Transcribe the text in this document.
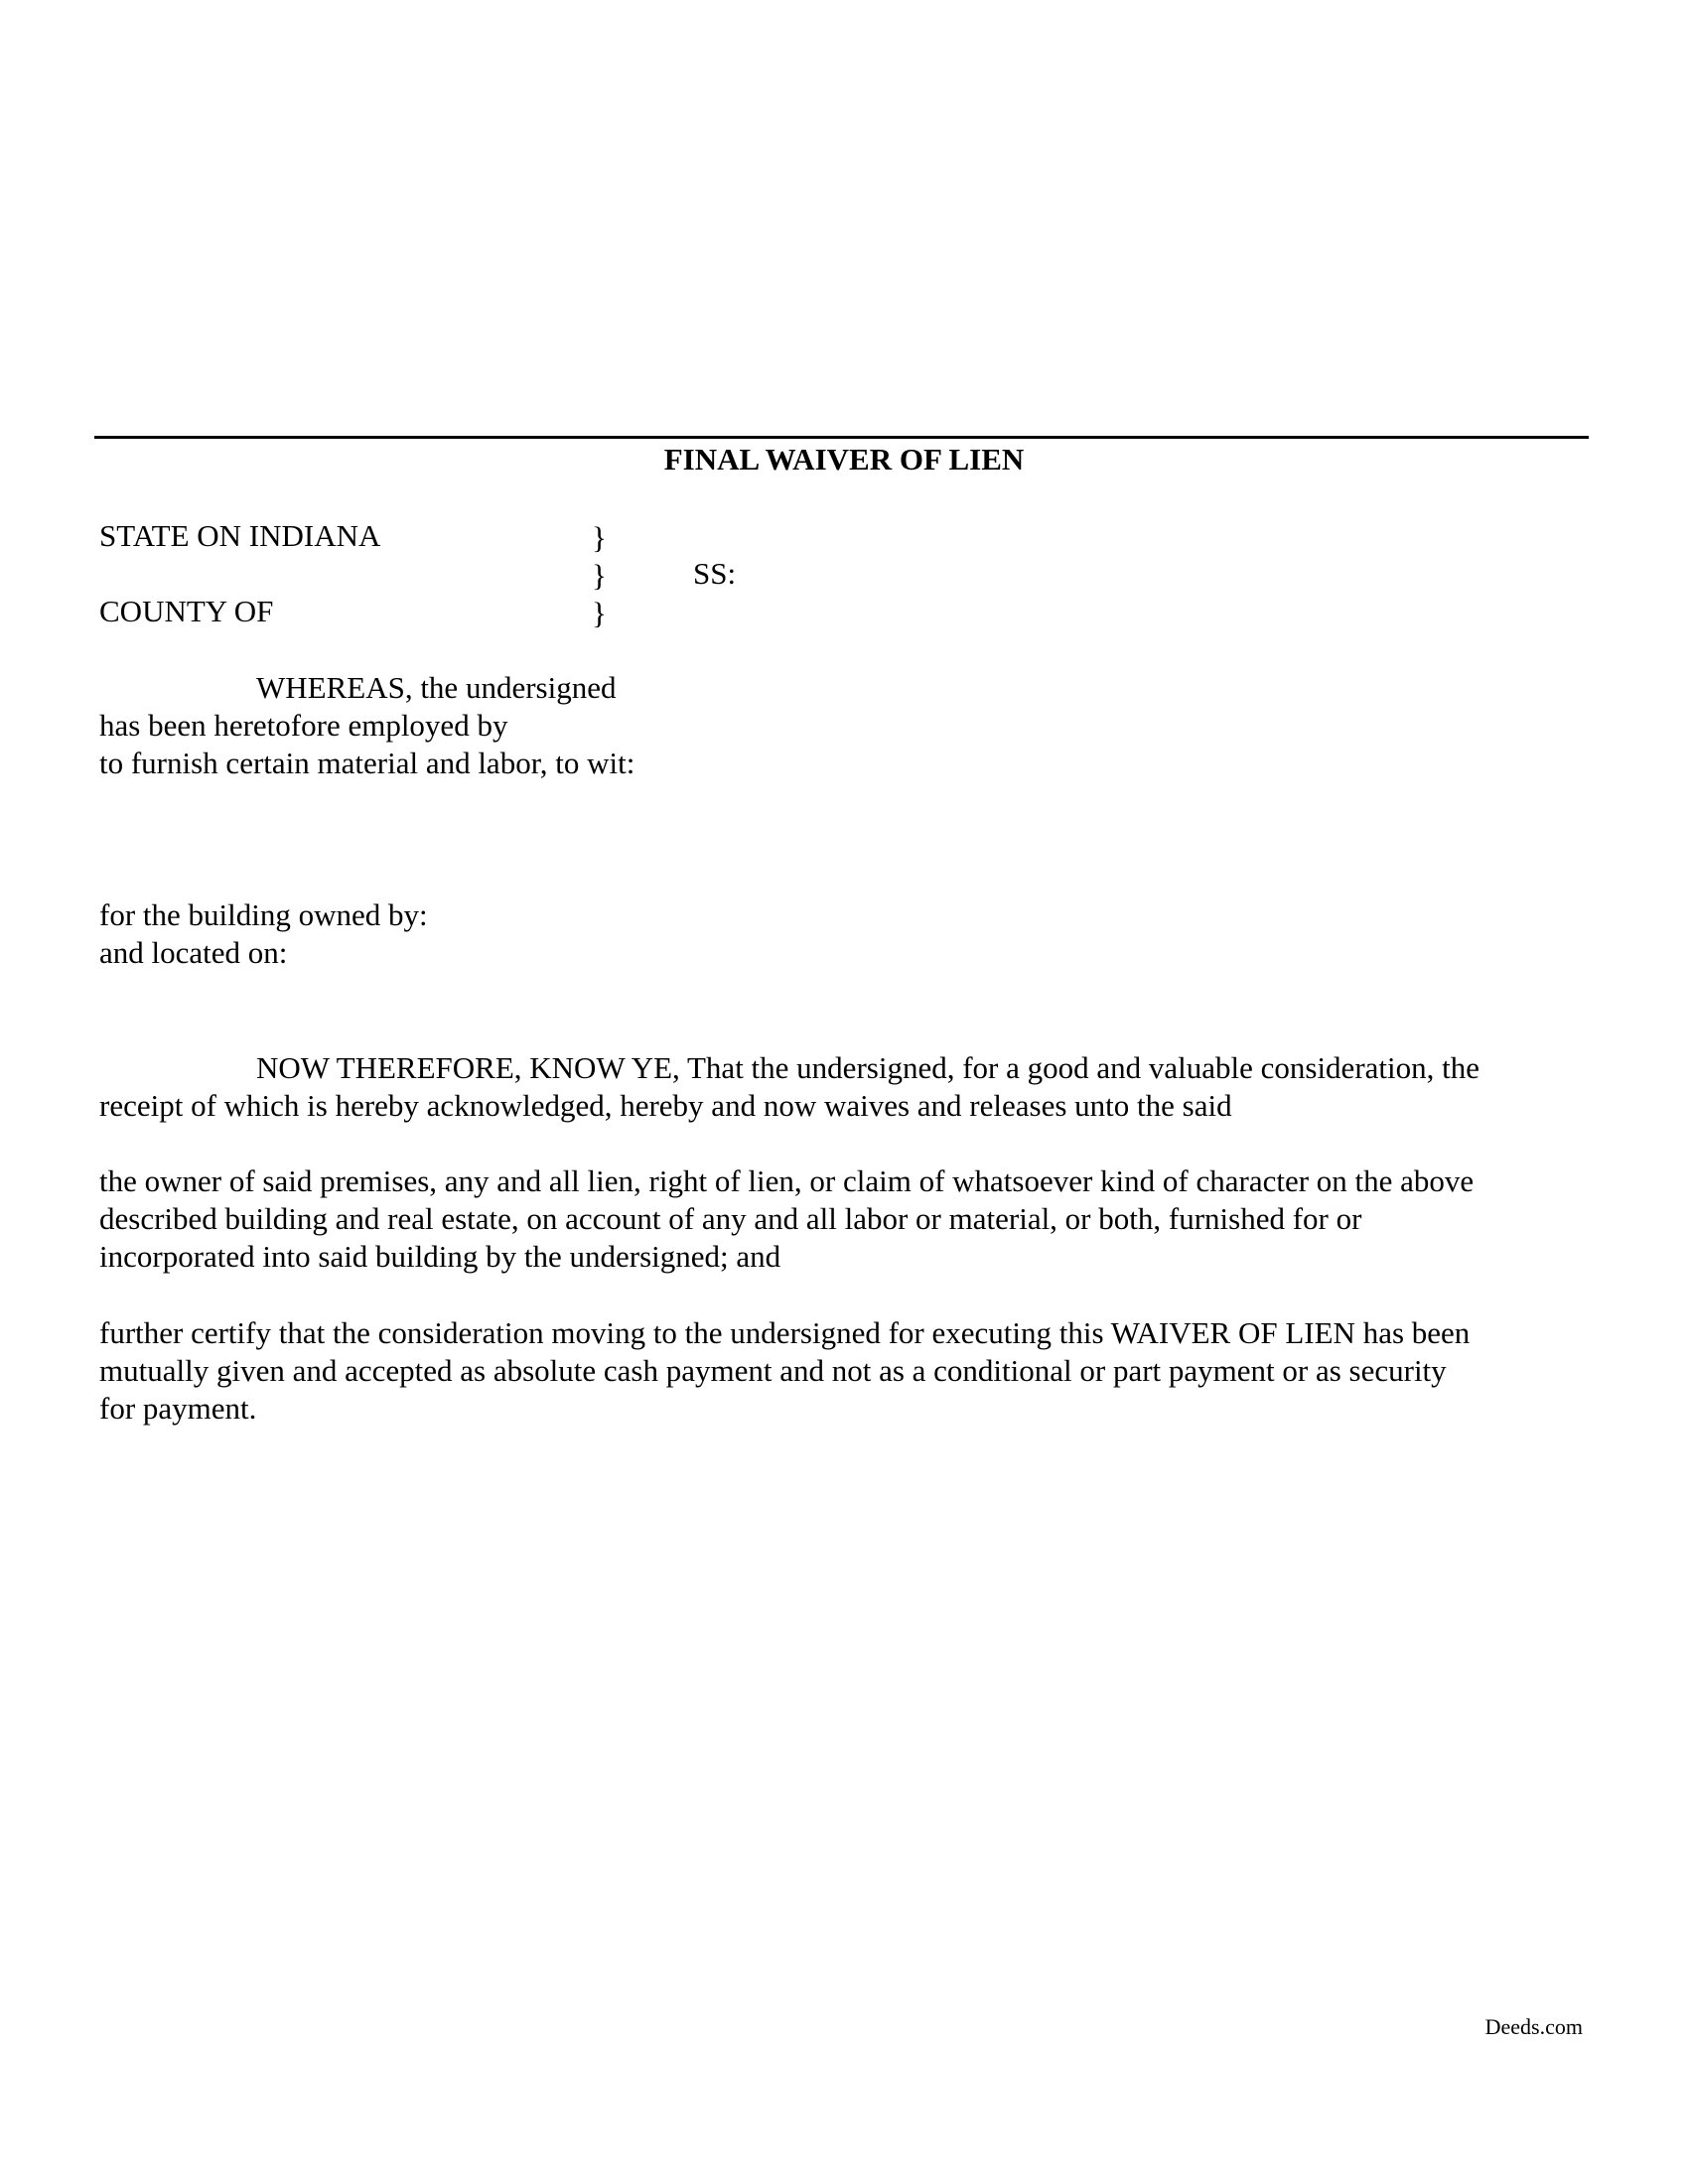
FINAL WAIVER OF LIEN
STATE ON INDIANA
COUNTY OF
}
}
}
SS:
WHEREAS, the undersigned
has been heretofore employed by
to furnish certain material and labor, to wit:
for the building owned by:
and located on:
NOW THEREFORE, KNOW YE, That the undersigned, for a good and valuable consideration, the
receipt of which is hereby acknowledged, hereby and now waives and releases unto the said
the owner of said premises, any and all lien, right of lien, or claim of whatsoever kind of character on the above
described building and real estate, on account of any and all labor or material, or both, furnished for or
incorporated into said building by the undersigned; and
further certify that the consideration moving to the undersigned for executing this WAIVER OF LIEN has been
mutually given and accepted as absolute cash payment and not as a conditional or part payment or as security
for payment.
Deeds.com
